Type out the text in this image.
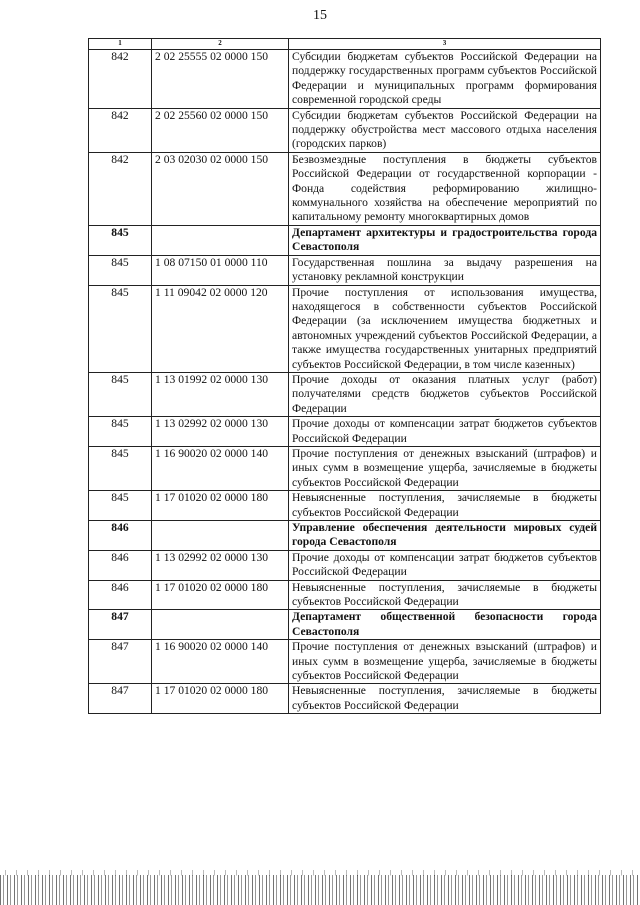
15
1	2	3
842	2 02 25555 02 0000 150	Субсидии бюджетам субъектов Российской Федерации на поддержку государственных программ субъектов Российской Федерации и муниципальных программ формирования современной городской среды
842	2 02 25560 02 0000 150	Субсидии бюджетам субъектов Российской Федерации на поддержку обустройства мест массового отдыха населения (городских парков)
842	2 03 02030 02 0000 150	Безвозмездные поступления в бюджеты субъектов Российской Федерации от государственной корпорации - Фонда содействия реформированию жилищно-коммунального хозяйства на обеспечение мероприятий по капитальному ремонту многоквартирных домов
845		Департамент архитектуры и градостроительства города Севастополя
845	1 08 07150 01 0000 110	Государственная пошлина за выдачу разрешения на установку рекламной конструкции
845	1 11 09042 02 0000 120	Прочие поступления от использования имущества, находящегося в собственности субъектов Российской Федерации (за исключением имущества бюджетных и автономных учреждений субъектов Российской Федерации, а также имущества государственных унитарных предприятий субъектов Российской Федерации, в том числе казенных)
845	1 13 01992 02 0000 130	Прочие доходы от оказания платных услуг (работ) получателями средств бюджетов субъектов Российской Федерации
845	1 13 02992 02 0000 130	Прочие доходы от компенсации затрат бюджетов субъектов Российской Федерации
845	1 16 90020 02 0000 140	Прочие поступления от денежных взысканий (штрафов) и иных сумм в возмещение ущерба, зачисляемые в бюджеты субъектов Российской Федерации
845	1 17 01020 02 0000 180	Невыясненные поступления, зачисляемые в бюджеты субъектов Российской Федерации
846		Управление обеспечения деятельности мировых судей города Севастополя
846	1 13 02992 02 0000 130	Прочие доходы от компенсации затрат бюджетов субъектов Российской Федерации
846	1 17 01020 02 0000 180	Невыясненные поступления, зачисляемые в бюджеты субъектов Российской Федерации
847		Департамент общественной безопасности города Севастополя
847	1 16 90020 02 0000 140	Прочие поступления от денежных взысканий (штрафов) и иных сумм в возмещение ущерба, зачисляемые в бюджеты субъектов Российской Федерации
847	1 17 01020 02 0000 180	Невыясненные поступления, зачисляемые в бюджеты субъектов Российской Федерации
